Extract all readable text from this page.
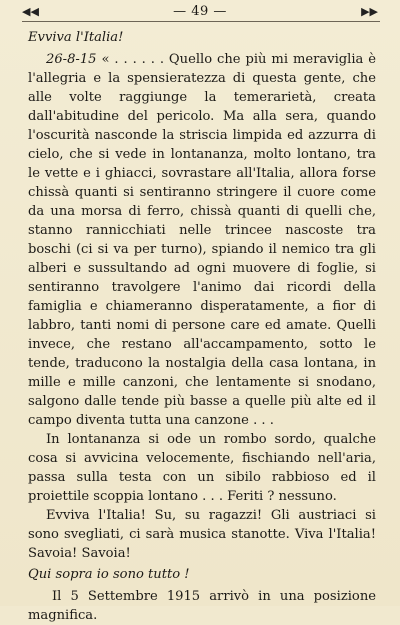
◀◀	— 49 —	▶▶

Evviva l'Italia!

26-8-15 « . . . . . . Quello che più mi meraviglia è l'allegria e la spensieratezza di questa gente, che alle volte raggiunge la temerarietà, creata dall'abitudine del pericolo. Ma alla sera, quando l'oscurità nasconde la striscia limpida ed azzurra di cielo, che si vede in lontananza, molto lontano, tra le vette e i ghiacci, sovrastare all'Italia, allora forse chissà quanti si sentiranno stringere il cuore come da una morsa di ferro, chissà quanti di quelli che, stanno rannicchiati nelle trincee nascoste tra boschi (ci si va per turno), spiando il nemico tra gli alberi e sussultando ad ogni muovere di foglie, si sentiranno travolgere l'animo dai ricordi della famiglia e chiameranno disperatamente, a fior di labbro, tanti nomi di persone care ed amate. Quelli invece, che restano all'accampamento, sotto le tende, traducono la nostalgia della casa lontana, in mille e mille canzoni, che lentamente si snodano, salgono dalle tende più basse a quelle più alte ed il campo diventa tutta una canzone . . .

In lontananza si ode un rombo sordo, qualche cosa si avvicina velocemente, fischiando nell'aria, passa sulla testa con un sibilo rabbioso ed il proiettile scoppia lontano . . . Feriti ? nessuno.

Evviva l'Italia! Su, su ragazzi! Gli austriaci si sono svegliati, ci sarà musica stanotte. Viva l'Italia! Savoia! Savoia!

Qui sopra io sono tutto !

Il 5 Settembre 1915 arrivò in una posizione magnifica.
